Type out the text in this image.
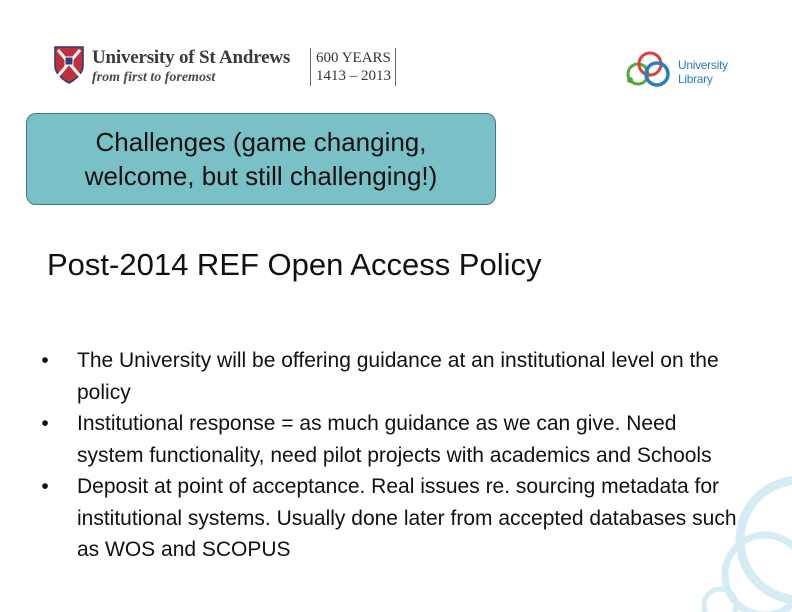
University of St Andrews
from first to foremost
600 YEARS
1413 – 2013
University
Library
Challenges (game changing,
welcome, but still challenging!)
Post-2014 REF Open Access Policy
•	The University will be offering guidance at an institutional level on the policy
•	Institutional response = as much guidance as we can give. Need system functionality, need pilot projects with academics and Schools
•	Deposit at point of acceptance. Real issues re. sourcing metadata for institutional systems. Usually done later from accepted databases such as WOS and SCOPUS
